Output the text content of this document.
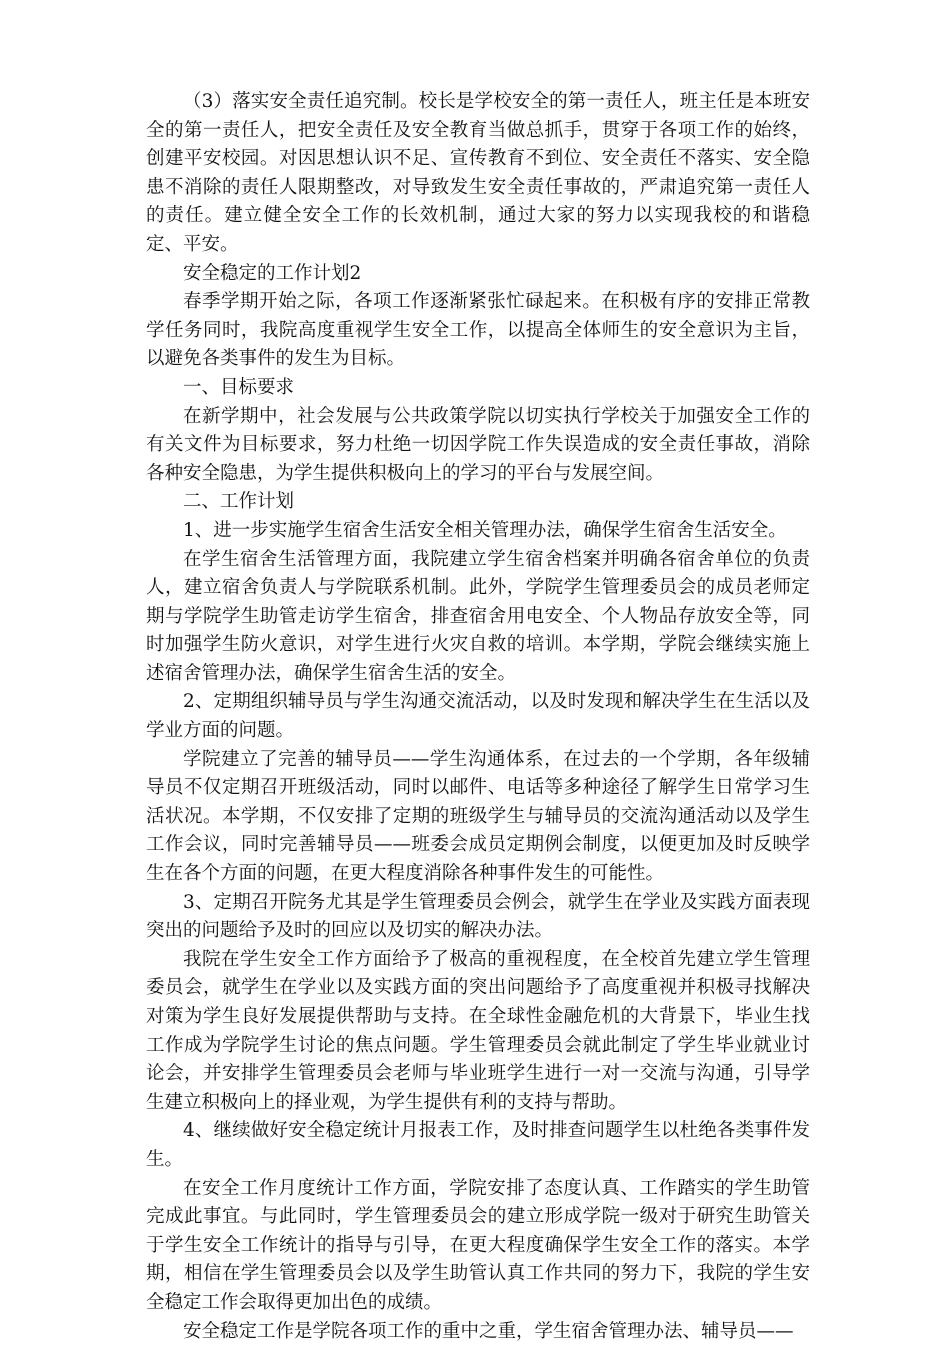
（3）落实安全责任追究制。校长是学校安全的第一责任人，班主任是本班安全的第一责任人，把安全责任及安全教育当做总抓手，贯穿于各项工作的始终，创建平安校园。对因思想认识不足、宣传教育不到位、安全责任不落实、安全隐患不消除的责任人限期整改，对导致发生安全责任事故的，严肃追究第一责任人的责任。建立健全安全工作的长效机制，通过大家的努力以实现我校的和谐稳定、平安。

安全稳定的工作计划2

春季学期开始之际，各项工作逐渐紧张忙碌起来。在积极有序的安排正常教学任务同时，我院高度重视学生安全工作，以提高全体师生的安全意识为主旨，以避免各类事件的发生为目标。

一、目标要求

在新学期中，社会发展与公共政策学院以切实执行学校关于加强安全工作的有关文件为目标要求，努力杜绝一切因学院工作失误造成的安全责任事故，消除各种安全隐患，为学生提供积极向上的学习的平台与发展空间。

二、工作计划

1、进一步实施学生宿舍生活安全相关管理办法，确保学生宿舍生活安全。

在学生宿舍生活管理方面，我院建立学生宿舍档案并明确各宿舍单位的负责人，建立宿舍负责人与学院联系机制。此外，学院学生管理委员会的成员老师定期与学院学生助管走访学生宿舍，排查宿舍用电安全、个人物品存放安全等，同时加强学生防火意识，对学生进行火灾自救的培训。本学期，学院会继续实施上述宿舍管理办法，确保学生宿舍生活的安全。

2、定期组织辅导员与学生沟通交流活动，以及时发现和解决学生在生活以及学业方面的问题。

学院建立了完善的辅导员——学生沟通体系，在过去的一个学期，各年级辅导员不仅定期召开班级活动，同时以邮件、电话等多种途径了解学生日常学习生活状况。本学期，不仅安排了定期的班级学生与辅导员的交流沟通活动以及学生工作会议，同时完善辅导员——班委会成员定期例会制度，以便更加及时反映学生在各个方面的问题，在更大程度消除各种事件发生的可能性。

3、定期召开院务尤其是学生管理委员会例会，就学生在学业及实践方面表现突出的问题给予及时的回应以及切实的解决办法。

我院在学生安全工作方面给予了极高的重视程度，在全校首先建立学生管理委员会，就学生在学业以及实践方面的突出问题给予了高度重视并积极寻找解决对策为学生良好发展提供帮助与支持。在全球性金融危机的大背景下，毕业生找工作成为学院学生讨论的焦点问题。学生管理委员会就此制定了学生毕业就业讨论会，并安排学生管理委员会老师与毕业班学生进行一对一交流与沟通，引导学生建立积极向上的择业观，为学生提供有利的支持与帮助。

4、继续做好安全稳定统计月报表工作，及时排查问题学生以杜绝各类事件发生。

在安全工作月度统计工作方面，学院安排了态度认真、工作踏实的学生助管完成此事宜。与此同时，学生管理委员会的建立形成学院一级对于研究生助管关于学生安全工作统计的指导与引导，在更大程度确保学生安全工作的落实。本学期，相信在学生管理委员会以及学生助管认真工作共同的努力下，我院的学生安全稳定工作会取得更加出色的成绩。

安全稳定工作是学院各项工作的重中之重，学生宿舍管理办法、辅导员——
